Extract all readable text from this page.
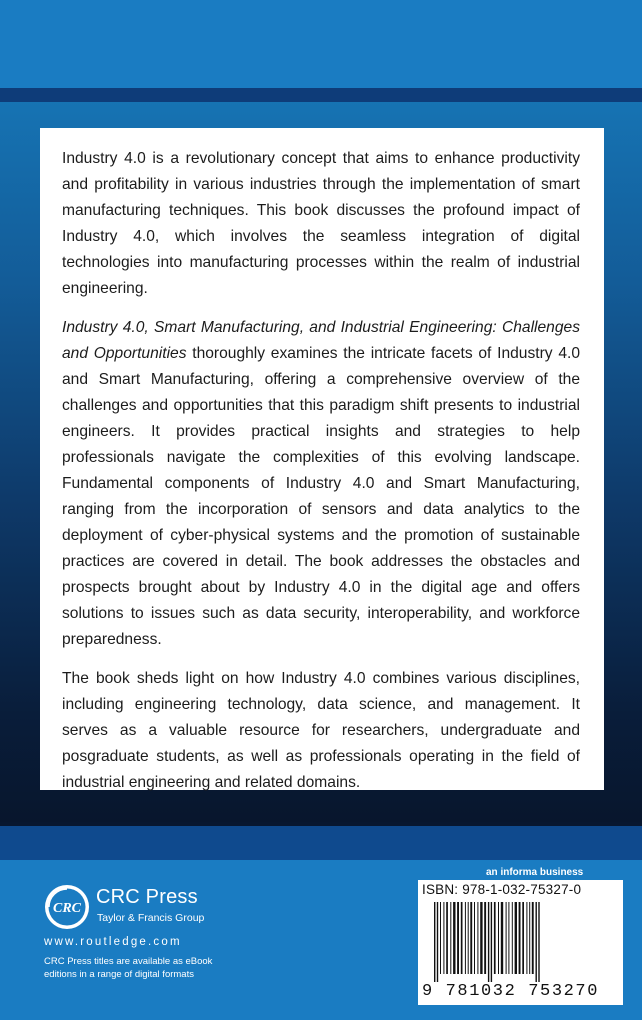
Industry 4.0 is a revolutionary concept that aims to enhance productivity and profitability in various industries through the implementation of smart manufacturing techniques. This book discusses the profound impact of Industry 4.0, which involves the seamless integration of digital technologies into manufacturing processes within the realm of industrial engineering.

Industry 4.0, Smart Manufacturing, and Industrial Engineering: Challenges and Opportunities thoroughly examines the intricate facets of Industry 4.0 and Smart Manufacturing, offering a comprehensive overview of the challenges and opportunities that this paradigm shift presents to industrial engineers. It provides practical insights and strategies to help professionals navigate the complexities of this evolving landscape. Fundamental components of Industry 4.0 and Smart Manufacturing, ranging from the incorporation of sensors and data analytics to the deployment of cyber-physical systems and the promotion of sustainable practices are covered in detail. The book addresses the obstacles and prospects brought about by Industry 4.0 in the digital age and offers solutions to issues such as data security, interoperability, and workforce preparedness.

The book sheds light on how Industry 4.0 combines various disciplines, including engineering technology, data science, and management. It serves as a valuable resource for researchers, undergraduate and posgraduate students, as well as professionals operating in the field of industrial engineering and related domains.

CRC
CRC Press
Taylor & Francis Group
www.routledge.com
CRC Press titles are available as eBook editions in a range of digital formats
an informa business
ISBN: 978-1-032-75327-0
9 781032 753270
